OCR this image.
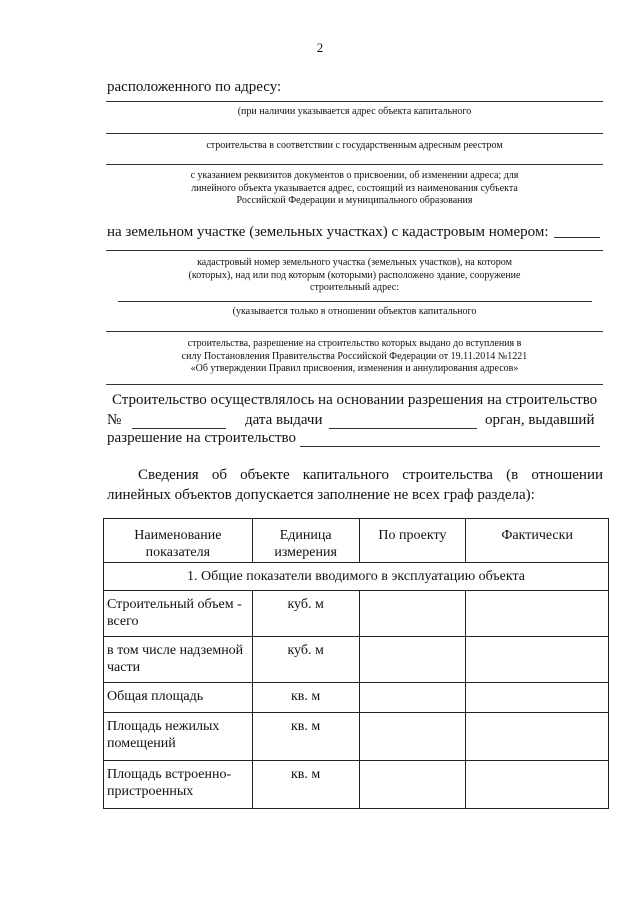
2
расположенного по адресу:
(при наличии указывается адрес объекта капитального
строительства в соответствии с государственным адресным реестром
с указанием реквизитов документов о присвоении, об изменении адреса; для
линейного объекта указывается адрес, состоящий из наименования субъекта
Российской Федерации и муниципального образования
на земельном участке (земельных участках) с кадастровым номером:
кадастровый номер земельного участка (земельных участков), на котором
(которых), над или под которым (которыми) расположено здание, сооружение
строительный адрес:
(указывается только в отношении объектов капитального
строительства, разрешение на строительство которых выдано до вступления в
силу Постановления Правительства Российской Федерации от 19.11.2014 №1221
«Об утверждении Правил присвоения, изменения и аннулирования адресов»
Строительство осуществлялось на основании разрешения на строительство
№	дата выдачи	орган, выдавший
разрешение на строительство
Сведения об объекте капитального строительства (в отношении
линейных объектов допускается заполнение не всех граф раздела):
Наименование показателя	Единица измерения	По проекту	Фактически
1. Общие показатели вводимого в эксплуатацию объекта			
Строительный объем - всего	куб. м		
в том числе надземной части	куб. м		
Общая площадь	кв. м		
Площадь нежилых помещений	кв. м		
Площадь встроенно-пристроенных	кв. м		
